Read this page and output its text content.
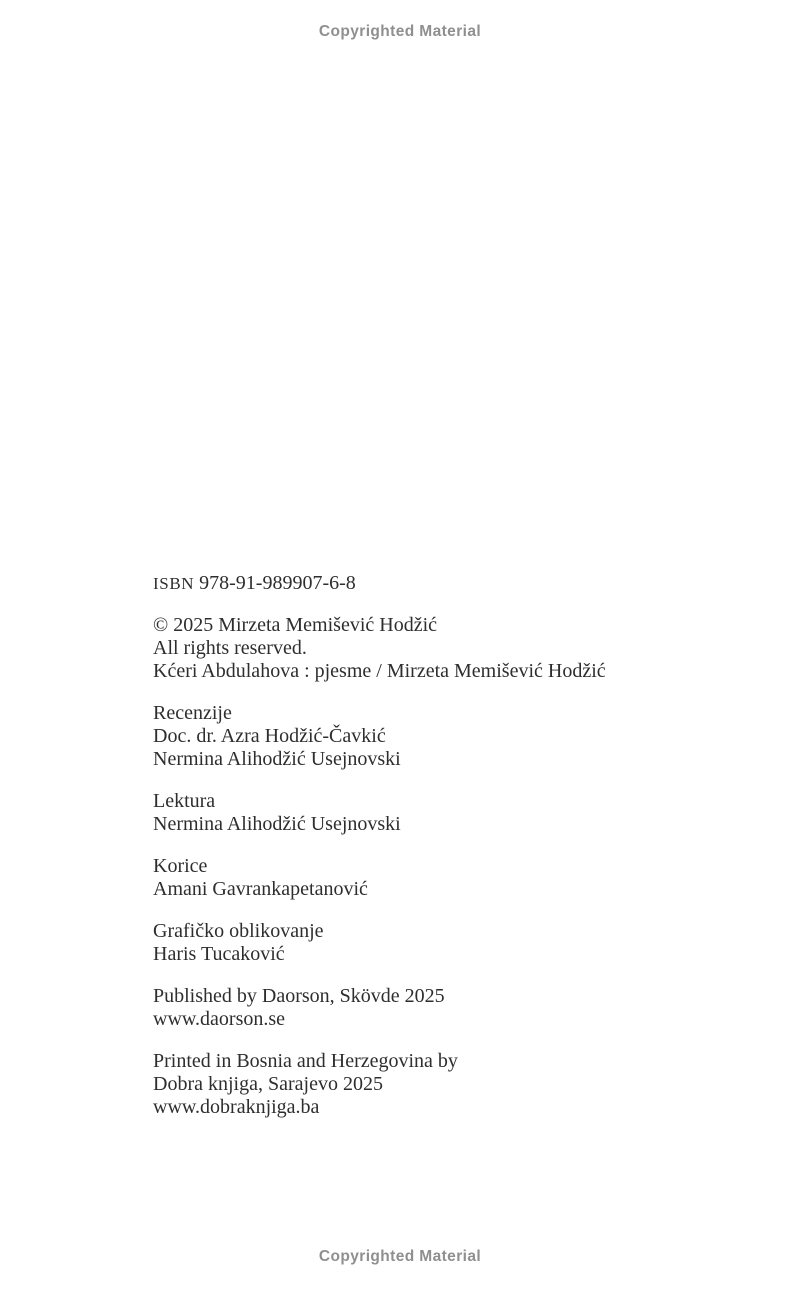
Copyrighted Material

ISBN 978-91-989907-6-8

© 2025 Mirzeta Memišević Hodžić
All rights reserved.
Kćeri Abdulahova : pjesme / Mirzeta Memišević Hodžić

Recenzije
Doc. dr. Azra Hodžić-Čavkić
Nermina Alihodžić Usejnovski

Lektura
Nermina Alihodžić Usejnovski

Korice
Amani Gavrankapetanović

Grafičko oblikovanje
Haris Tucaković

Published by Daorson, Skövde 2025
www.daorson.se

Printed in Bosnia and Herzegovina by
Dobra knjiga, Sarajevo 2025
www.dobraknjiga.ba

Copyrighted Material
